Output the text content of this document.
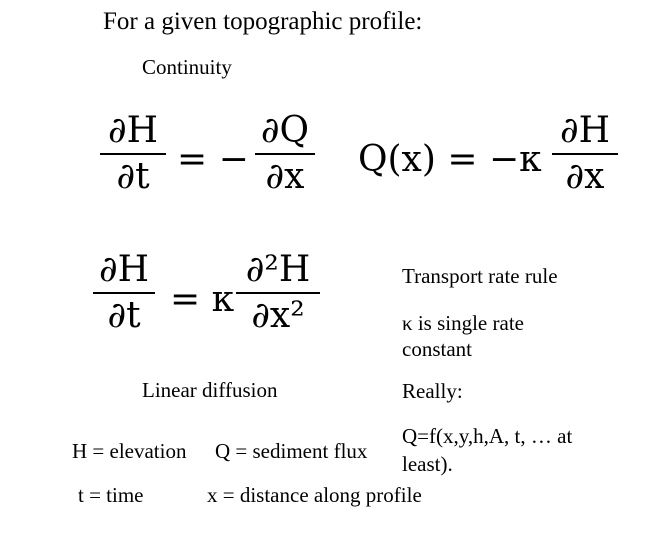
For a given topographic profile:
Continuity
∂H
∂t = −
∂Q
∂x Q(x) = −κ
∂H
∂x
∂H
∂t = κ
∂²H
∂x²
Transport rate rule
κ is single rate
constant
Linear diffusion	Really:
Q=f(x,y,h,A, t, … at
least).
H = elevation Q = sediment flux
t = time	x = distance along profile
